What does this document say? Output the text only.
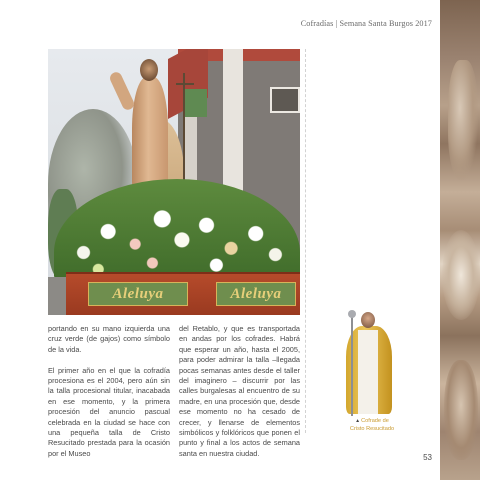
Cofradías | Semana Santa Burgos 2017
Aleluya	Aleluya

portando en su mano izquierda una cruz verde (de gajos) como símbolo de la vida.

El primer año en el que la cofradía procesiona es el 2004, pero aún sin la talla procesional titular, inacabada en ese momento, y la primera procesión del anuncio pascual celebrada en la ciudad se hace con una pequeña talla de Cristo Resucitado prestada para la ocasión por el Museo

del Retablo, y que es transportada en andas por los cofrades. Habrá que esperar un año, hasta el 2005, para poder admirar la talla –llegada pocas semanas antes desde el taller del imaginero – discurrir por las calles burgalesas al encuentro de su madre, en una procesión que, desde ese momento no ha cesado de crecer, y llenarse de elementos simbólicos y folklóricos que ponen el punto y final a los actos de semana santa en nuestra ciudad.

▲Cofrade de
Cristo Resucitado
53
